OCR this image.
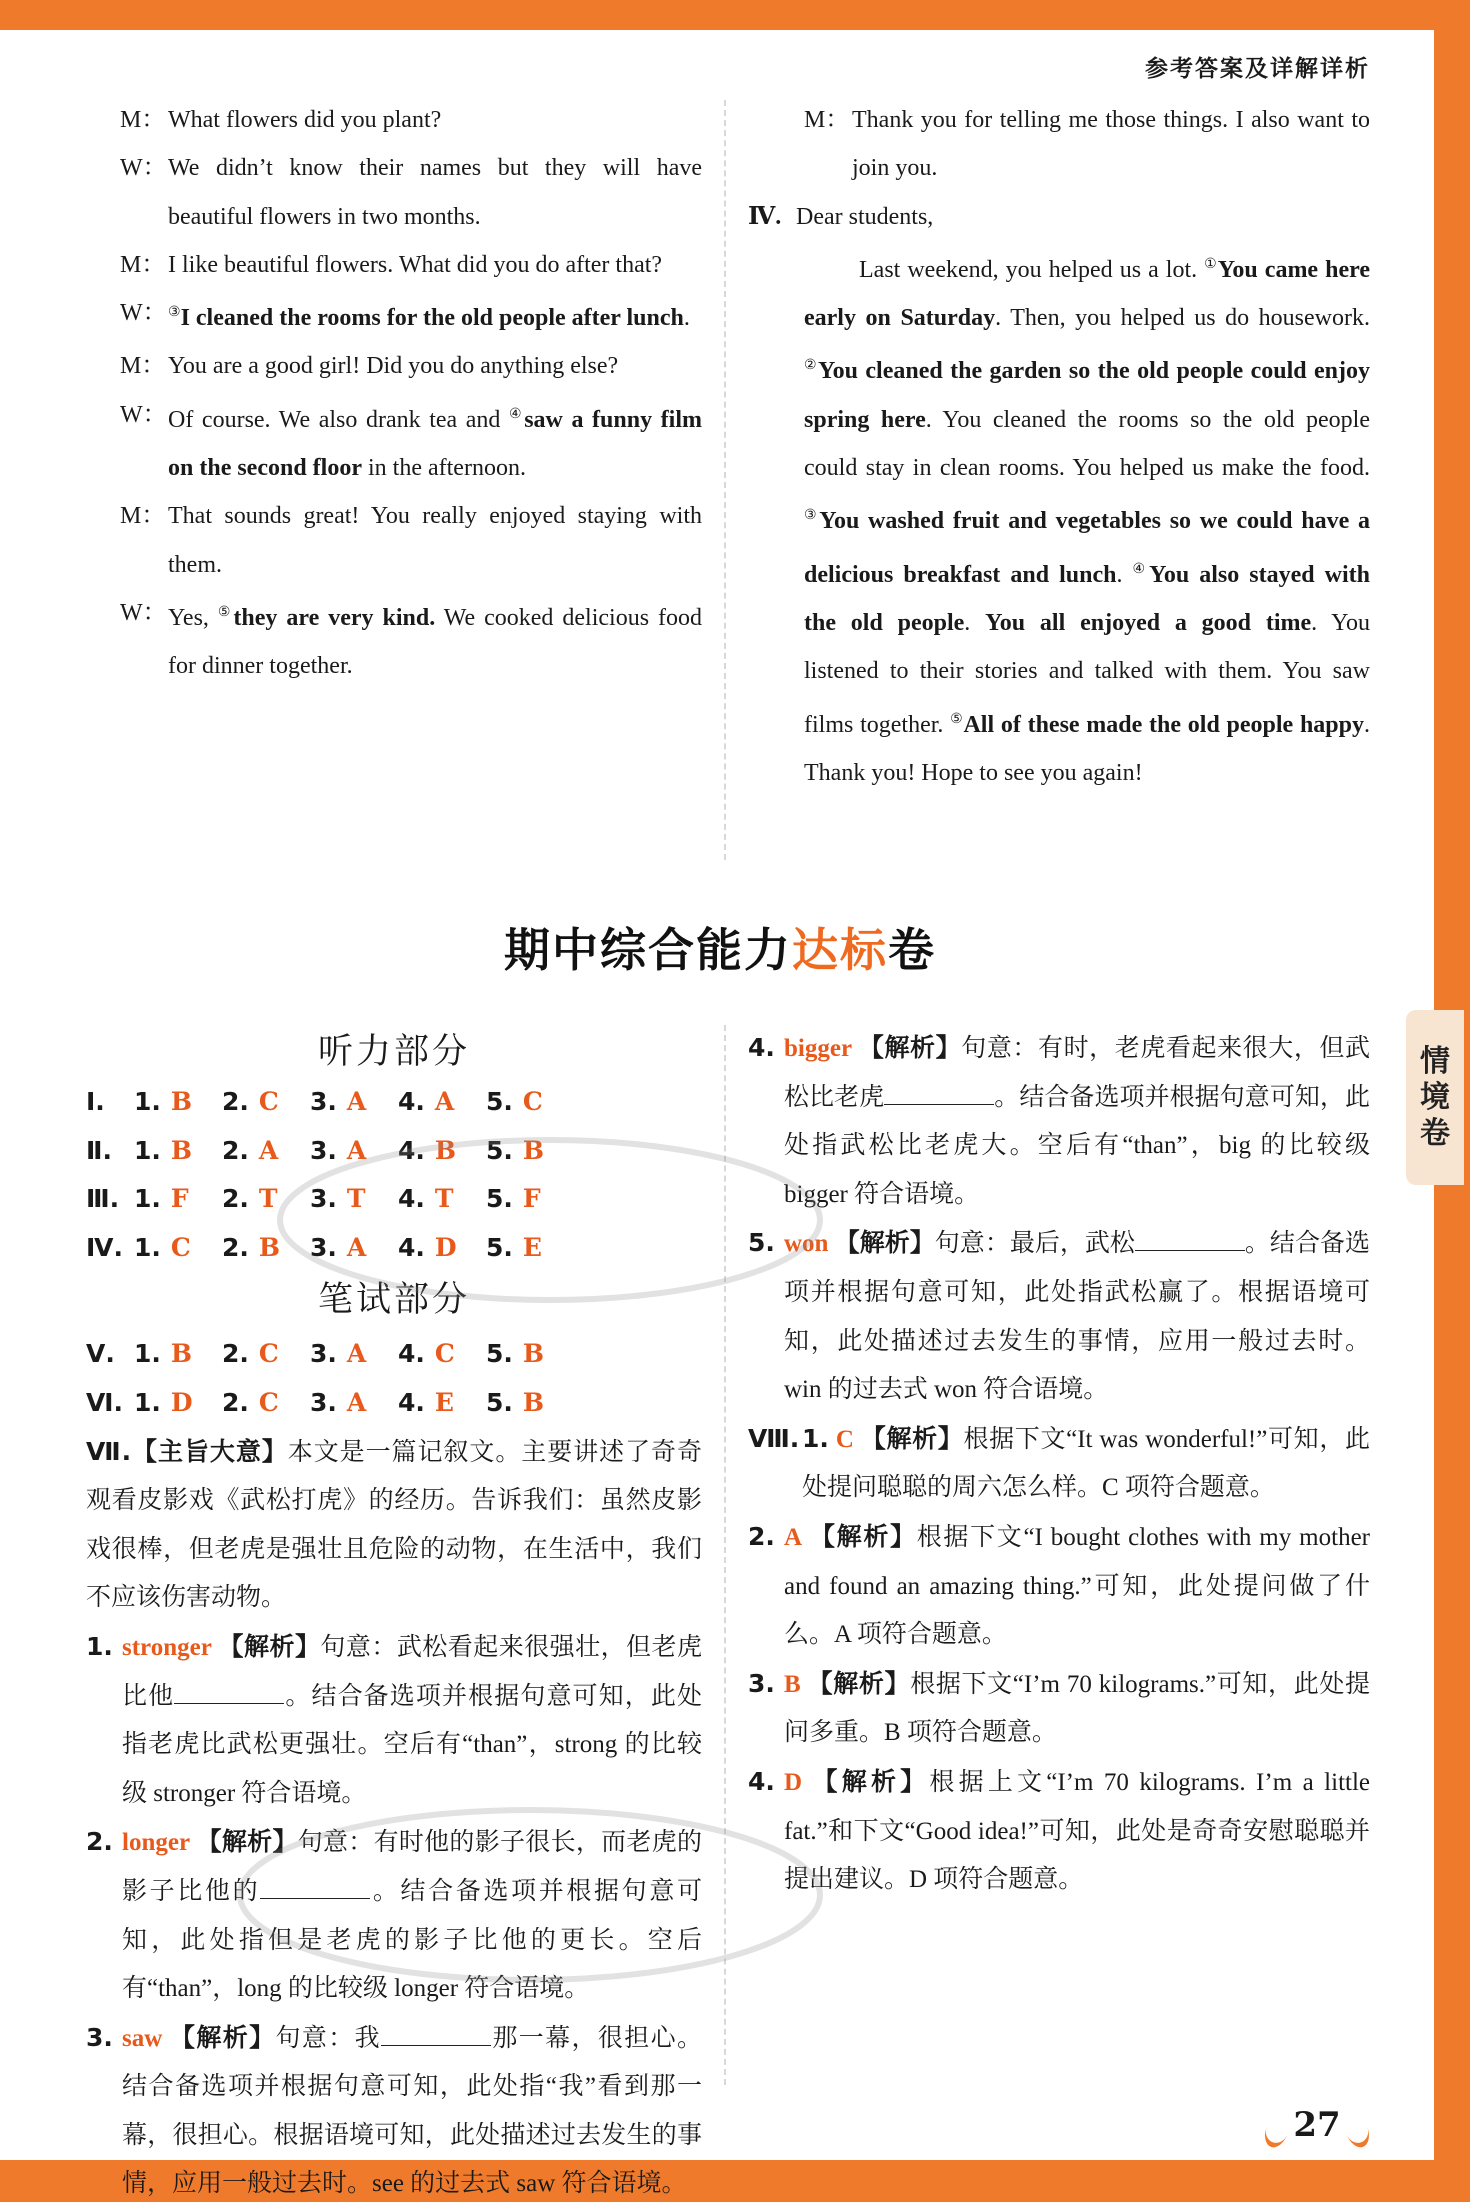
参考答案及详解详析
情
境
卷
M： What flowers did you plant?
W： We didn’t know their names but they will have beautiful flowers in two months.
M： I like beautiful flowers. What did you do after that?
W： ③I cleaned the rooms for the old people after lunch.
M： You are a good girl! Did you do anything else?
W： Of course. We also drank tea and ④saw a funny film on the second floor in the afternoon.
M： That sounds great! You really enjoyed staying with them.
W： Yes, ⑤they are very kind. We cooked delicious food for dinner together.
M： Thank you for telling me those things. I also want to join you.
Ⅳ. Dear students,
Last weekend, you helped us a lot. ①You came here early on Saturday. Then, you helped us do housework. ②You cleaned the garden so the old people could enjoy spring here. You cleaned the rooms so the old people could stay in clean rooms. You helped us make the food. ③You washed fruit and vegetables so we could have a delicious breakfast and lunch. ④You also stayed with the old people. You all enjoyed a good time. You listened to their stories and talked with them. You saw films together. ⑤All of these made the old people happy. Thank you! Hope to see you again!
期中综合能力达标卷
听力部分
Ⅰ.	1. B	2. C	3. A	4. A	5. C
Ⅱ. 1. B	2. A	3. A	4. B	5. B
Ⅲ. 1. F	2. T	3. T	4. T	5. F
Ⅳ. 1. C	2. B	3. A	4. D	5. E
笔试部分
Ⅴ. 1. B	2. C	3. A	4. C	5. B
Ⅵ. 1. D	2. C	3. A	4. E	5. B
Ⅶ.【主旨大意】本文是一篇记叙文。主要讲述了奇奇观看皮影戏《武松打虎》的经历。告诉我们：虽然皮影戏很棒，但老虎是强壮且危险的动物，在生活中，我们不应该伤害动物。
1. stronger 【解析】句意：武松看起来很强壮，但老虎比他	。结合备选项并根据句意可知，此处指老虎比武松更强壮。空后有“than”，strong 的比较级 stronger 符合语境。
2. longer 【解析】句意：有时他的影子很长，而老虎的影子比他的	。结合备选项并根据句意可知，此处指但是老虎的影子比他的更长。空后有“than”，long 的比较级 longer 符合语境。
3. saw 【解析】句意：我	那一幕，很担心。结合备选项并根据句意可知，此处指“我”看到那一幕，很担心。根据语境可知，此处描述过去发生的事情，应用一般过去时。see 的过去式 saw 符合语境。
4. bigger 【解析】句意：有时，老虎看起来很大，但武松比老虎	。结合备选项并根据句意可知，此处指武松比老虎大。空后有“than”，big 的比较级 bigger 符合语境。
5. won 【解析】句意：最后，武松	。结合备选项并根据句意可知，此处指武松赢了。根据语境可知，此处描述过去发生的事情，应用一般过去时。win 的过去式 won 符合语境。
Ⅷ. 1. C 【解析】根据下文“It was wonderful!”可知，此处提问聪聪的周六怎么样。C 项符合题意。
2. A 【解析】根据下文“I bought clothes with my mother and found an amazing thing.”可知，此处提问做了什么。A 项符合题意。
3. B 【解析】根据下文“I’m 70 kilograms.”可知，此处提问多重。B 项符合题意。
4. D 【解析】根据上文“I’m 70 kilograms. I’m a little fat.”和下文“Good idea!”可知，此处是奇奇安慰聪聪并提出建议。D 项符合题意。
27
